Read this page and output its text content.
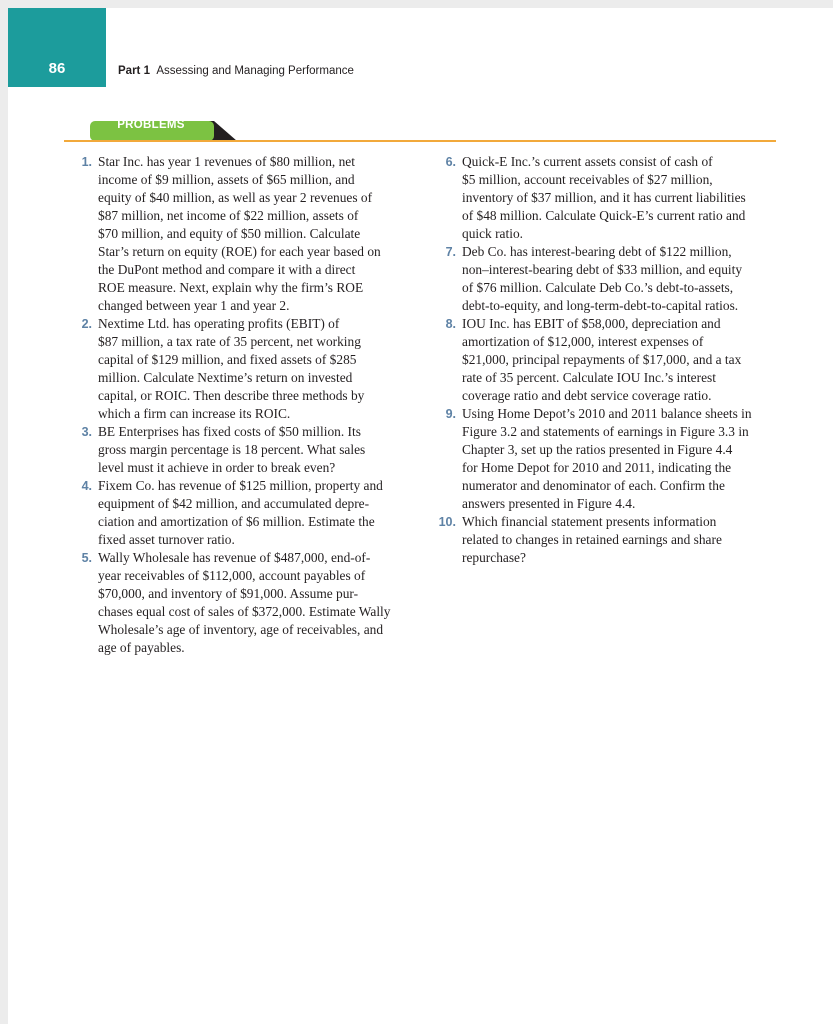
86	Part 1 Assessing and Managing Performance
PROBLEMS
1. Star Inc. has year 1 revenues of $80 million, net
income of $9 million, assets of $65 million, and
equity of $40 million, as well as year 2 revenues of
$87 million, net income of $22 million, assets of
$70 million, and equity of $50 million. Calculate
Star’s return on equity (ROE) for each year based on
the DuPont method and compare it with a direct
ROE measure. Next, explain why the firm’s ROE
changed between year 1 and year 2.
2. Nextime Ltd. has operating profits (EBIT) of
$87 million, a tax rate of 35 percent, net working
capital of $129 million, and fixed assets of $285
million. Calculate Nextime’s return on invested
capital, or ROIC. Then describe three methods by
which a firm can increase its ROIC.
3. BE Enterprises has fixed costs of $50 million. Its
gross margin percentage is 18 percent. What sales
level must it achieve in order to break even?
4. Fixem Co. has revenue of $125 million, property and
equipment of $42 million, and accumulated depre-
ciation and amortization of $6 million. Estimate the
fixed asset turnover ratio.
5. Wally Wholesale has revenue of $487,000, end-of-
year receivables of $112,000, account payables of
$70,000, and inventory of $91,000. Assume pur-
chases equal cost of sales of $372,000. Estimate Wally
Wholesale’s age of inventory, age of receivables, and
age of payables.
6. Quick-E Inc.’s current assets consist of cash of
$5 million, account receivables of $27 million,
inventory of $37 million, and it has current liabilities
of $48 million. Calculate Quick-E’s current ratio and
quick ratio.
7. Deb Co. has interest-bearing debt of $122 million,
non–interest-bearing debt of $33 million, and equity
of $76 million. Calculate Deb Co.’s debt-to-assets,
debt-to-equity, and long-term-debt-to-capital ratios.
8. IOU Inc. has EBIT of $58,000, depreciation and
amortization of $12,000, interest expenses of
$21,000, principal repayments of $17,000, and a tax
rate of 35 percent. Calculate IOU Inc.’s interest
coverage ratio and debt service coverage ratio.
9. Using Home Depot’s 2010 and 2011 balance sheets in
Figure 3.2 and statements of earnings in Figure 3.3 in
Chapter 3, set up the ratios presented in Figure 4.4
for Home Depot for 2010 and 2011, indicating the
numerator and denominator of each. Confirm the
answers presented in Figure 4.4.
10. Which financial statement presents information
related to changes in retained earnings and share
repurchase?
